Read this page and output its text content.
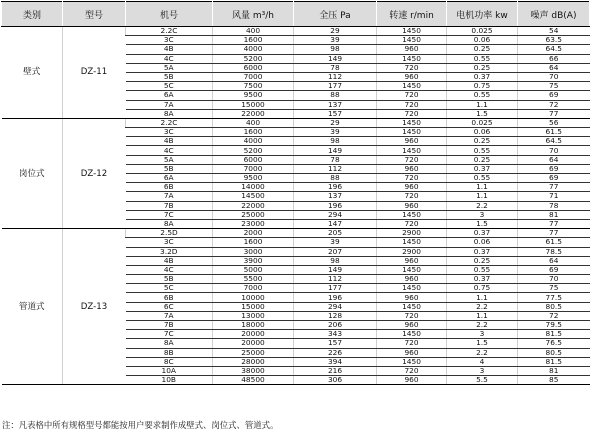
类别	型号	机号	风量 m³/h	全压 Pa	转速 r/min	电机功率 kw	噪声 dB(A)
壁式	DZ-11	2.2C	400	29	1450	0.025	54
		3C	1600	39	1450	0.06	63.5
		4B	4000	98	960	0.25	64.5
		4C	5200	149	1450	0.55	66
		5A	6000	78	720	0.25	64
		5B	7000	112	960	0.37	70
		5C	7500	177	1450	0.75	75
		6A	9500	88	720	0.55	69
		7A	15000	137	720	1.1	72
		8A	22000	157	720	1.5	77
岗位式	DZ-12	2.2C	400	29	1450	0.025	56
		3C	1600	39	1450	0.06	61.5
		4B	4000	98	960	0.25	64.5
		4C	5200	149	1450	0.55	70
		5A	6000	78	720	0.25	64
		5B	7000	112	960	0.37	69
		6A	9500	88	720	0.55	69
		6B	14000	196	960	1.1	77
		7A	14500	137	720	1.1	71
		7B	22000	196	960	2.2	78
		7C	25000	294	1450	3	81
		8A	23000	147	720	1.5	77
管道式	DZ-13	2.5D	2000	205	2900	0.37	77
		3C	1600	39	1450	0.06	61.5
		3.2D	3000	207	2900	0.37	78.5
		4B	3900	98	960	0.25	64
		4C	5000	149	1450	0.55	69
		5B	5500	112	960	0.37	70
		5C	7000	177	1450	0.75	75
		6B	10000	196	960	1.1	77.5
		6C	15000	294	1450	2.2	80.5
		7A	13000	128	720	1.1	72
		7B	18000	206	960	2.2	79.5
		7C	20000	343	1450	3	81.5
		8A	20000	157	720	1.5	76.5
		8B	25000	226	960	2.2	80.5
		8C	28000	394	1450	4	81.5
		10A	38000	216	720	3	81
		10B	48500	306	960	5.5	85
注：凡表格中所有规格型号都能按用户要求制作成壁式、岗位式、管道式。
